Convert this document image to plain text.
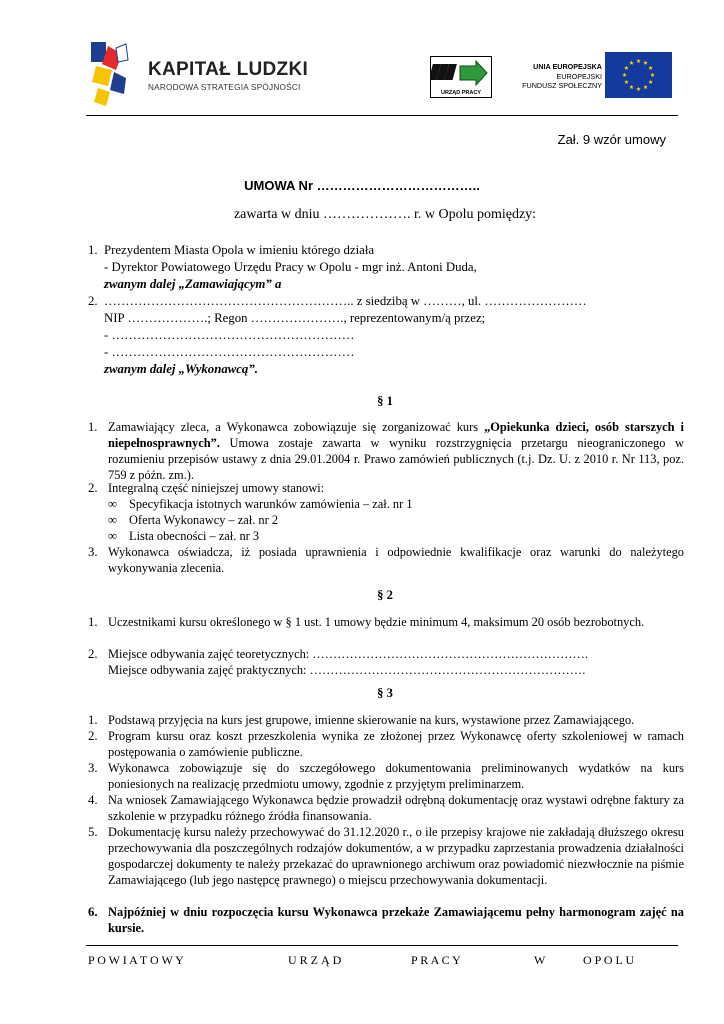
KAPITAŁ LUDZKI
NARODOWA STRATEGIA SPÓJNOŚCI
URZĄD PRACY
UNIA EUROPEJSKA
EUROPEJSKI
FUNDUSZ SPOŁECZNY
Zał. 9 wzór umowy
UMOWA Nr ………………………………..
zawarta w dniu ………………. r. w Opolu pomiędzy:
1. Prezydentem Miasta Opola w imieniu którego działa
- Dyrektor Powiatowego Urzędu Pracy w Opolu - mgr inż. Antoni Duda,
zwanym dalej „Zamawiającym” a
2. ………………………………………………….. z siedzibą w ………, ul. ……………………
NIP ……………….; Regon …………………., reprezentowanym/ą przez;
- …………………………………………………
- …………………………………………………
zwanym dalej „Wykonawcą”.
§ 1
1. Zamawiający zleca, a Wykonawca zobowiązuje się zorganizować kurs „Opiekunka dzieci, osób starszych i niepełnosprawnych”. Umowa zostaje zawarta w wyniku rozstrzygnięcia przetargu nieograniczonego w rozumieniu przepisów ustawy z dnia 29.01.2004 r. Prawo zamówień publicznych (t.j. Dz. U. z 2010 r. Nr 113, poz. 759 z późn. zm.).
2. Integralną część niniejszej umowy stanowi:
∞ Specyfikacja istotnych warunków zamówienia – zał. nr 1
∞ Oferta Wykonawcy – zał. nr 2
∞ Lista obecności – zał. nr 3
3. Wykonawca oświadcza, iż posiada uprawnienia i odpowiednie kwalifikacje oraz warunki do należytego wykonywania zlecenia.
§ 2
1. Uczestnikami kursu określonego w § 1 ust. 1 umowy będzie minimum 4, maksimum 20 osób bezrobotnych.
2. Miejsce odbywania zajęć teoretycznych: ………………………………………………………….
Miejsce odbywania zajęć praktycznych: ………………………………………………………….
§ 3
1. Podstawą przyjęcia na kurs jest grupowe, imienne skierowanie na kurs, wystawione przez Zamawiającego.
2. Program kursu oraz koszt przeszkolenia wynika ze złożonej przez Wykonawcę oferty szkoleniowej w ramach postępowania o zamówienie publiczne.
3. Wykonawca zobowiązuje się do szczegółowego dokumentowania preliminowanych wydatków na kurs poniesionych na realizację przedmiotu umowy, zgodnie z przyjętym preliminarzem.
4. Na wniosek Zamawiającego Wykonawca będzie prowadził odrębną dokumentację oraz wystawi odrębne faktury za szkolenie w przypadku różnego źródła finansowania.
5. Dokumentację kursu należy przechowywać do 31.12.2020 r., o ile przepisy krajowe nie zakładają dłuższego okresu przechowywania dla poszczególnych rodzajów dokumentów, a w przypadku zaprzestania prowadzenia działalności gospodarczej dokumenty te należy przekazać do uprawnionego archiwum oraz powiadomić niezwłocznie na piśmie Zamawiającego (lub jego następcę prawnego) o miejscu przechowywania dokumentacji.
6. Najpóźniej w dniu rozpoczęcia kursu Wykonawca przekaże Zamawiającemu pełny harmonogram zajęć na kursie.
P O W I A T O W Y	U R Z Ą D	P R A C Y	W	O P O L U
